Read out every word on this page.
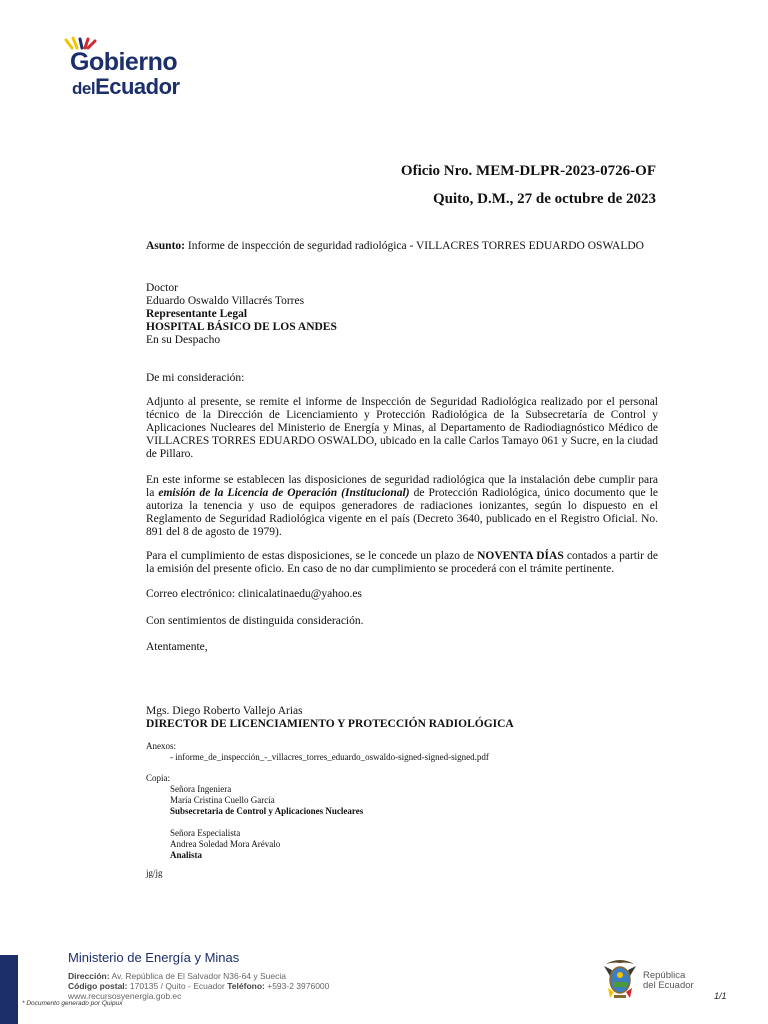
Gobierno
delEcuador
Oficio Nro. MEM-DLPR-2023-0726-OF
Quito, D.M., 27 de octubre de 2023
Asunto: Informe de inspección de seguridad radiológica - VILLACRES TORRES EDUARDO OSWALDO

Doctor

Eduardo Oswaldo Villacrés Torres

Representante Legal

HOSPITAL BÁSICO DE LOS ANDES

En su Despacho

De mi consideración:
Adjunto al presente, se remite el informe de Inspección de Seguridad Radiológica realizado por el personal técnico de la Dirección de Licenciamiento y Protección Radiológica de la Subsecretaría de Control y Aplicaciones Nucleares del Ministerio de Energía y Minas, al Departamento de Radiodiagnóstico Médico de VILLACRES TORRES EDUARDO OSWALDO, ubicado en la calle Carlos Tamayo 061 y Sucre, en la ciudad de Pillaro.
En este informe se establecen las disposiciones de seguridad radiológica que la instalación debe cumplir para la emisión de la Licencia de Operación (Institucional) de Protección Radiológica, único documento que le autoriza la tenencia y uso de equipos generadores de radiaciones ionizantes, según lo dispuesto en el Reglamento de Seguridad Radiológica vigente en el país (Decreto 3640, publicado en el Registro Oficial. No. 891 del 8 de agosto de 1979).
Para el cumplimiento de estas disposiciones, se le concede un plazo de NOVENTA DÍAS contados a partir de la emisión del presente oficio. En caso de no dar cumplimiento se procederá con el trámite pertinente.
Correo electrónico: clinicalatinaedu@yahoo.es
Con sentimientos de distinguida consideración.
Atentamente,

Mgs. Diego Roberto Vallejo Arias

DIRECTOR DE LICENCIAMIENTO Y PROTECCIÓN RADIOLÓGICA

Anexos:
- informe_de_inspección_-_villacres_torres_eduardo_oswaldo-signed-signed-signed.pdf
Copia:
Señora Ingeniera
María Cristina Cuello García
Subsecretaria de Control y Aplicaciones Nucleares
Señora Especialista
Andrea Soledad Mora Arévalo
Analista
jg/jg
Ministerio de Energía y Minas
Dirección: Av. República de El Salvador N36-64 y Suecia
Código postal: 170135 / Quito - Ecuador Teléfono: +593-2 3976000
www.recursosyenergia.gob.ec
* Documento generado por Quipux
República
del Ecuador
1/1
